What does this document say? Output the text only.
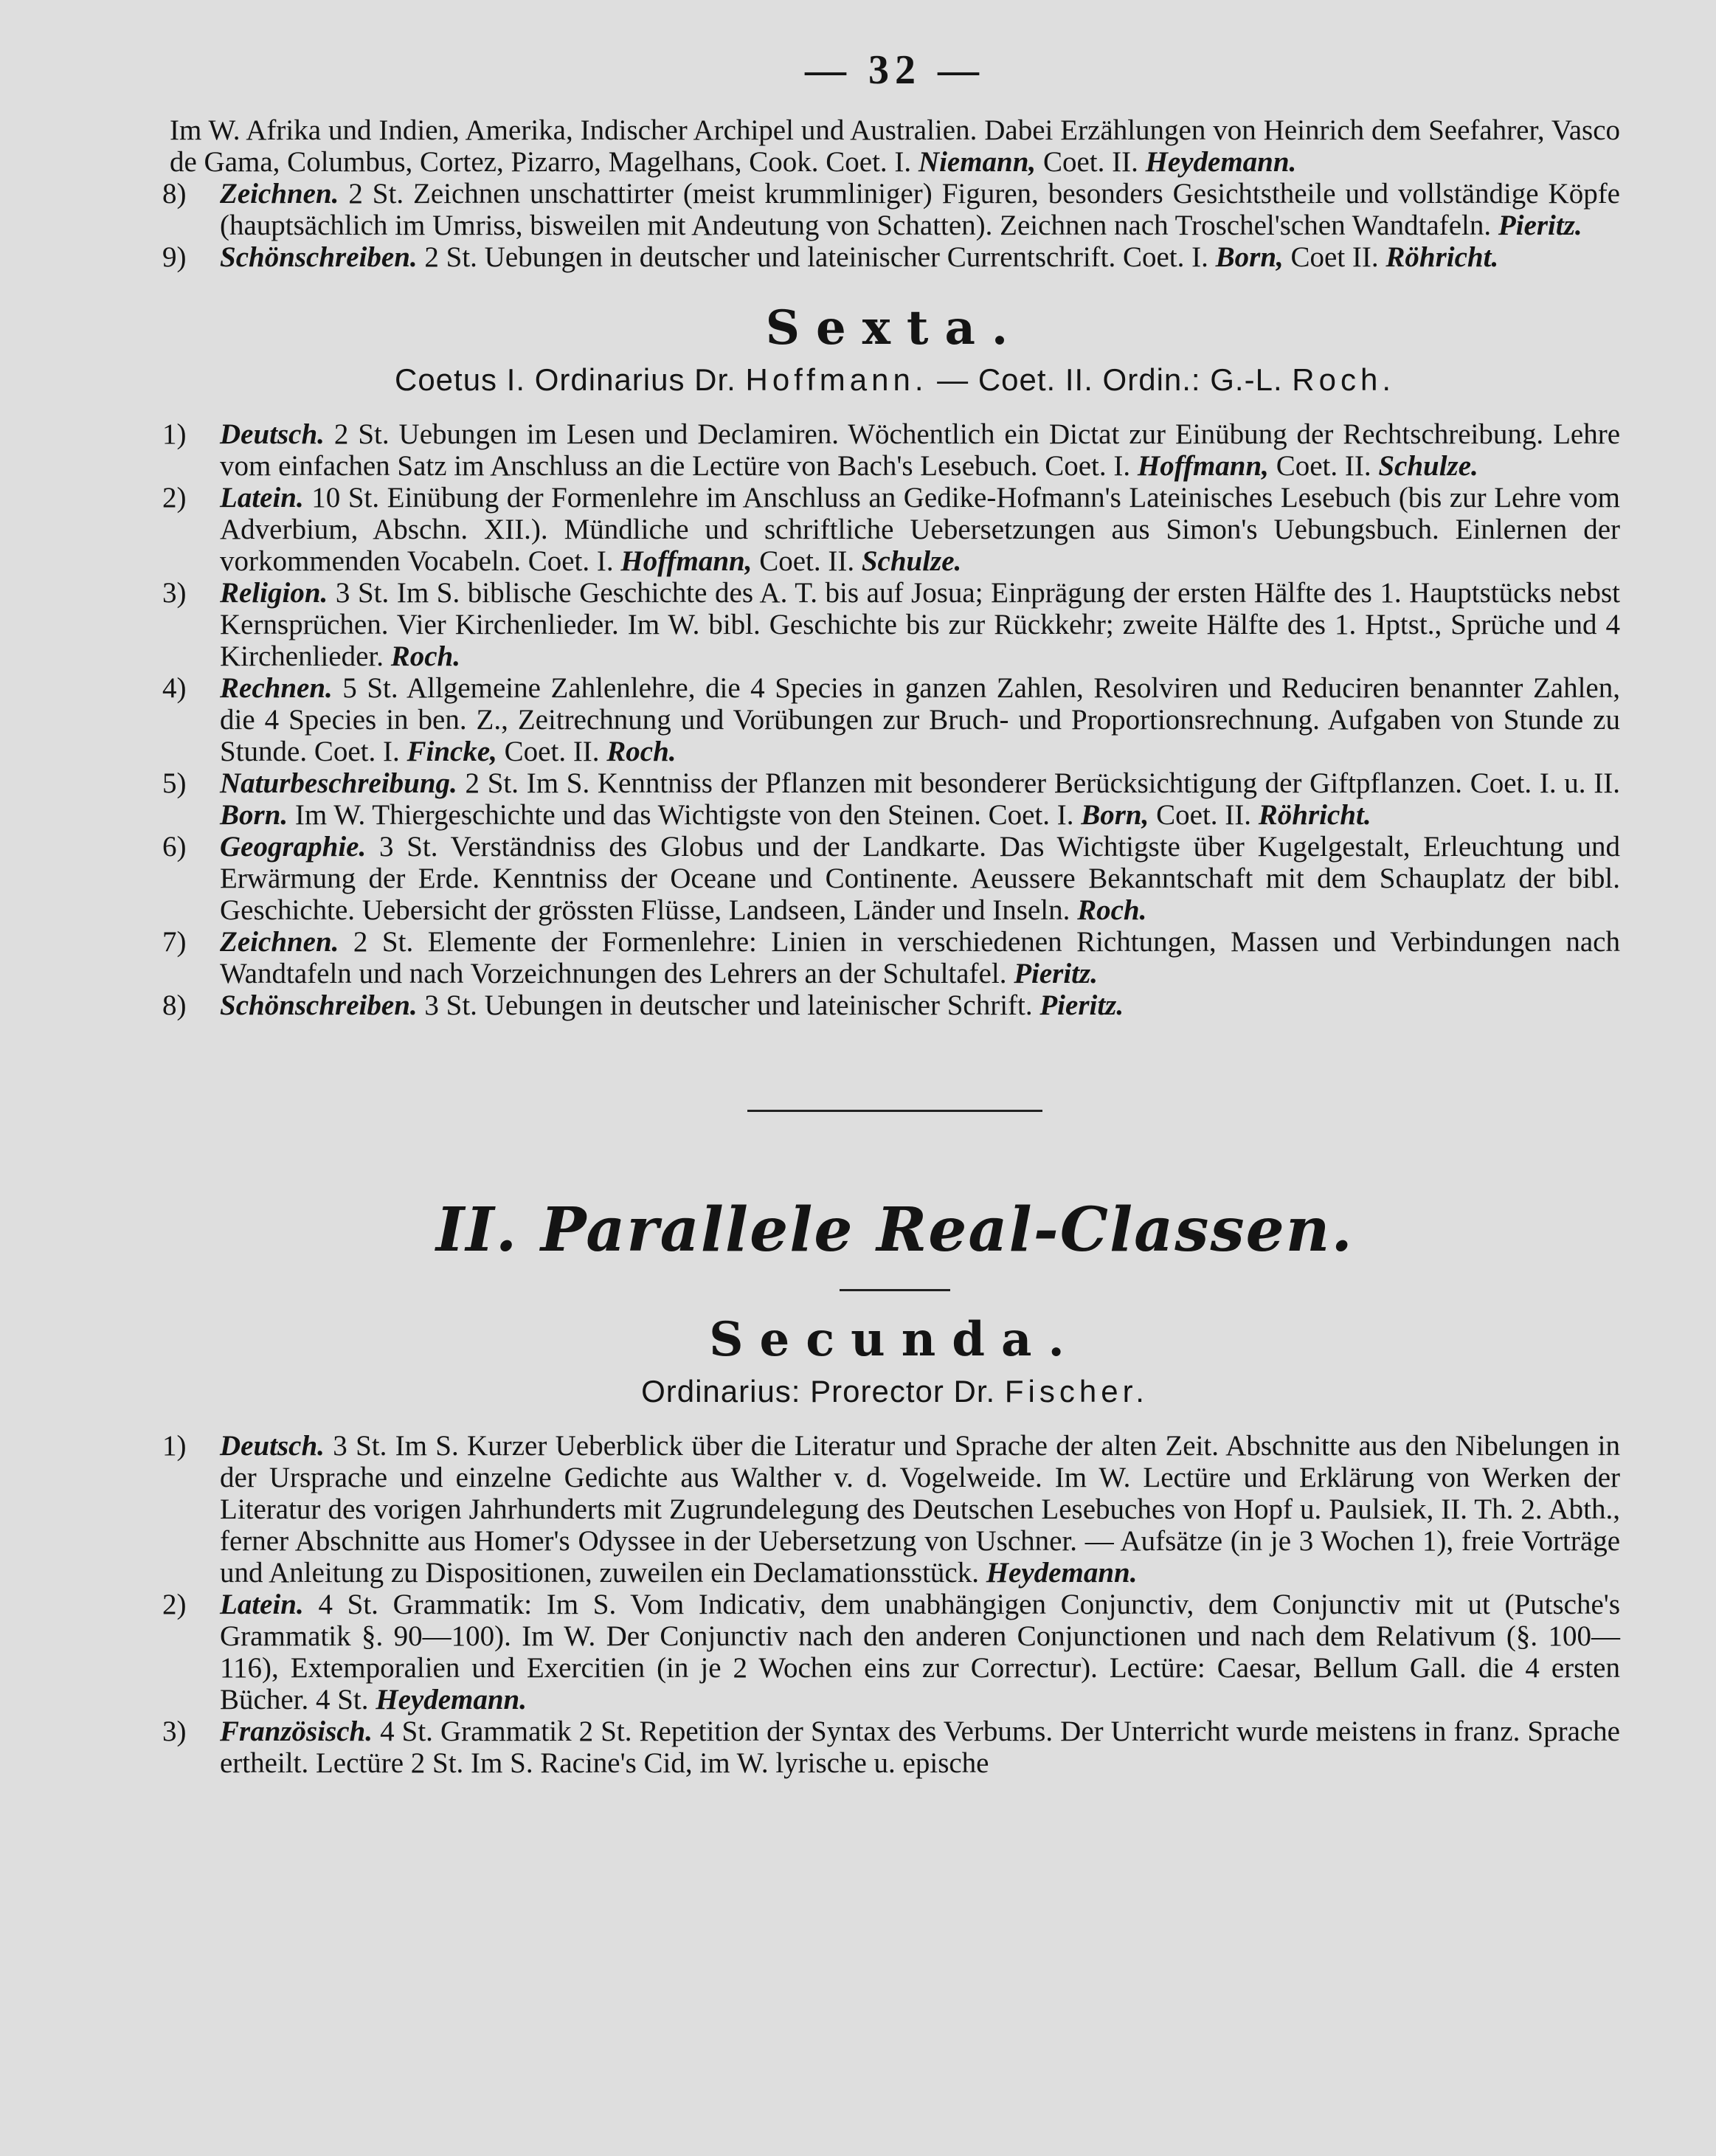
— 32 —

Im W. Afrika und Indien, Amerika, Indischer Archipel und Australien. Dabei Erzählungen von Heinrich dem Seefahrer, Vasco de Gama, Columbus, Cortez, Pizarro, Magelhans, Cook. Coet. I. Niemann, Coet. II. Heydemann.

8)	Zeichnen. 2 St. Zeichnen unschattirter (meist krummliniger) Figuren, besonders Gesichtstheile und vollständige Köpfe (hauptsächlich im Umriss, bisweilen mit Andeutung von Schatten). Zeichnen nach Troschel'schen Wandtafeln. Pieritz.
9)	Schönschreiben. 2 St. Uebungen in deutscher und lateinischer Currentschrift. Coet. I. Born, Coet II. Röhricht.
Sexta.
Coetus I. Ordinarius Dr. Hoffmann. — Coet. II. Ordin.: G.-L. Roch.
1)	Deutsch. 2 St. Uebungen im Lesen und Declamiren. Wöchentlich ein Dictat zur Einübung der Rechtschreibung. Lehre vom einfachen Satz im Anschluss an die Lectüre von Bach's Lesebuch. Coet. I. Hoffmann, Coet. II. Schulze.
2)	Latein. 10 St. Einübung der Formenlehre im Anschluss an Gedike-Hofmann's Lateinisches Lesebuch (bis zur Lehre vom Adverbium, Abschn. XII.). Mündliche und schriftliche Uebersetzungen aus Simon's Uebungsbuch. Einlernen der vorkommenden Vocabeln. Coet. I. Hoffmann, Coet. II. Schulze.
3)	Religion. 3 St. Im S. biblische Geschichte des A. T. bis auf Josua; Einprägung der ersten Hälfte des 1. Hauptstücks nebst Kernsprüchen. Vier Kirchenlieder. Im W. bibl. Geschichte bis zur Rückkehr; zweite Hälfte des 1. Hptst., Sprüche und 4 Kirchenlieder. Roch.
4)	Rechnen. 5 St. Allgemeine Zahlenlehre, die 4 Species in ganzen Zahlen, Resolviren und Reduciren benannter Zahlen, die 4 Species in ben. Z., Zeitrechnung und Vorübungen zur Bruch- und Proportionsrechnung. Aufgaben von Stunde zu Stunde. Coet. I. Fincke, Coet. II. Roch.
5)	Naturbeschreibung. 2 St. Im S. Kenntniss der Pflanzen mit besonderer Berücksichtigung der Giftpflanzen. Coet. I. u. II. Born. Im W. Thiergeschichte und das Wichtigste von den Steinen. Coet. I. Born, Coet. II. Röhricht.
6)	Geographie. 3 St. Verständniss des Globus und der Landkarte. Das Wichtigste über Kugelgestalt, Erleuchtung und Erwärmung der Erde. Kenntniss der Oceane und Continente. Aeussere Bekanntschaft mit dem Schauplatz der bibl. Geschichte. Uebersicht der grössten Flüsse, Landseen, Länder und Inseln. Roch.
7)	Zeichnen. 2 St. Elemente der Formenlehre: Linien in verschiedenen Richtungen, Massen und Verbindungen nach Wandtafeln und nach Vorzeichnungen des Lehrers an der Schultafel. Pieritz.
8)	Schönschreiben. 3 St. Uebungen in deutscher und lateinischer Schrift. Pieritz.
II. Parallele Real-Classen.
Secunda.
Ordinarius: Prorector Dr. Fischer.
1)	Deutsch. 3 St. Im S. Kurzer Ueberblick über die Literatur und Sprache der alten Zeit. Abschnitte aus den Nibelungen in der Ursprache und einzelne Gedichte aus Walther v. d. Vogelweide. Im W. Lectüre und Erklärung von Werken der Literatur des vorigen Jahrhunderts mit Zugrundelegung des Deutschen Lesebuches von Hopf u. Paulsiek, II. Th. 2. Abth., ferner Abschnitte aus Homer's Odyssee in der Uebersetzung von Uschner. — Aufsätze (in je 3 Wochen 1), freie Vorträge und Anleitung zu Dispositionen, zuweilen ein Declamationsstück. Heydemann.
2)	Latein. 4 St. Grammatik: Im S. Vom Indicativ, dem unabhängigen Conjunctiv, dem Conjunctiv mit ut (Putsche's Grammatik §. 90—100). Im W. Der Conjunctiv nach den anderen Conjunctionen und nach dem Relativum (§. 100—116), Extemporalien und Exercitien (in je 2 Wochen eins zur Correctur). Lectüre: Caesar, Bellum Gall. die 4 ersten Bücher. 4 St. Heydemann.
3)	Französisch. 4 St. Grammatik 2 St. Repetition der Syntax des Verbums. Der Unterricht wurde meistens in franz. Sprache ertheilt. Lectüre 2 St. Im S. Racine's Cid, im W. lyrische u. epische
